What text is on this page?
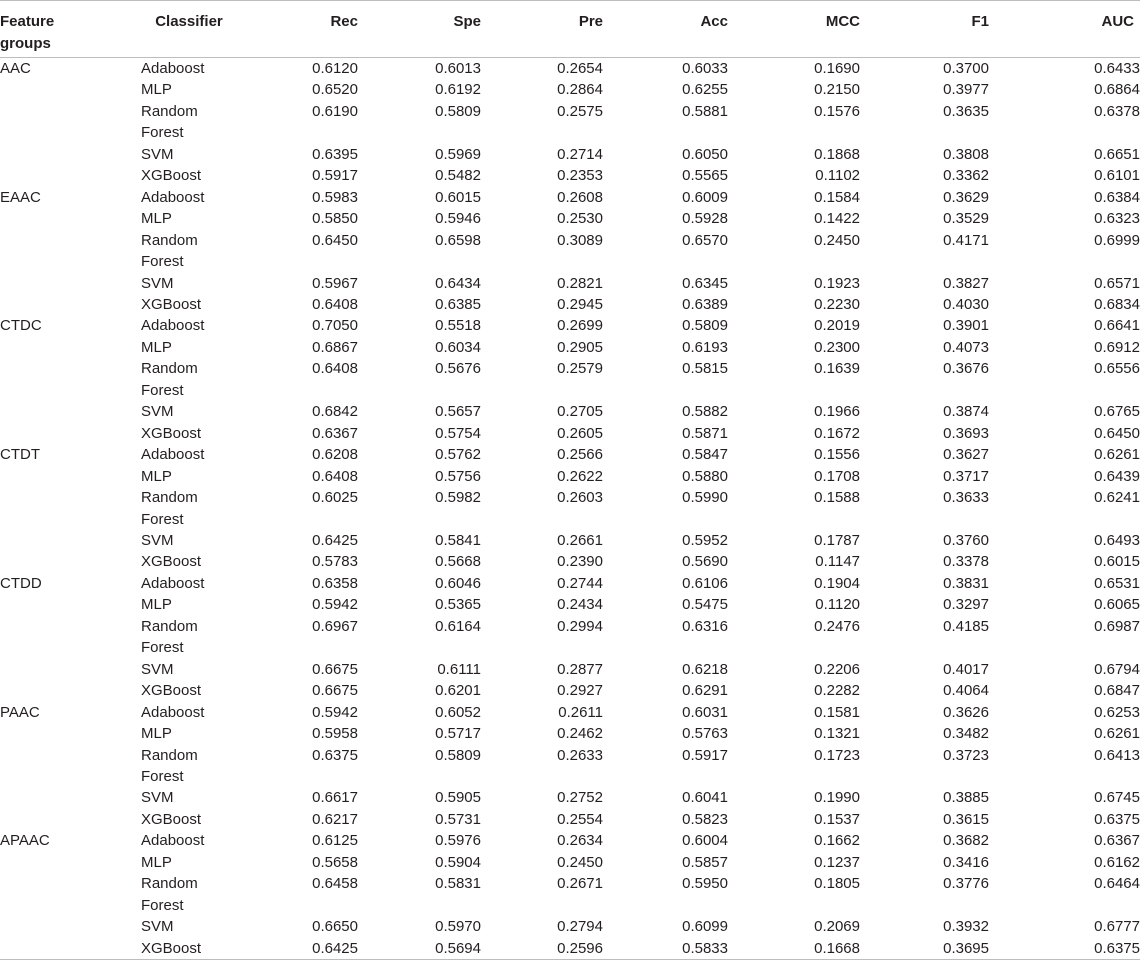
Feature groups	Classifier	Rec	Spe	Pre	Acc	MCC	F1	AUC

AAC	Adaboost	0.6120	0.6013	0.2654	0.6033	0.1690	0.3700	0.6433
	MLP	0.6520	0.6192	0.2864	0.6255	0.2150	0.3977	0.6864
	Random Forest	0.6190	0.5809	0.2575	0.5881	0.1576	0.3635	0.6378
	SVM	0.6395	0.5969	0.2714	0.6050	0.1868	0.3808	0.6651
	XGBoost	0.5917	0.5482	0.2353	0.5565	0.1102	0.3362	0.6101
EAAC	Adaboost	0.5983	0.6015	0.2608	0.6009	0.1584	0.3629	0.6384
	MLP	0.5850	0.5946	0.2530	0.5928	0.1422	0.3529	0.6323
	Random Forest	0.6450	0.6598	0.3089	0.6570	0.2450	0.4171	0.6999
	SVM	0.5967	0.6434	0.2821	0.6345	0.1923	0.3827	0.6571
	XGBoost	0.6408	0.6385	0.2945	0.6389	0.2230	0.4030	0.6834
CTDC	Adaboost	0.7050	0.5518	0.2699	0.5809	0.2019	0.3901	0.6641
	MLP	0.6867	0.6034	0.2905	0.6193	0.2300	0.4073	0.6912
	Random Forest	0.6408	0.5676	0.2579	0.5815	0.1639	0.3676	0.6556
	SVM	0.6842	0.5657	0.2705	0.5882	0.1966	0.3874	0.6765
	XGBoost	0.6367	0.5754	0.2605	0.5871	0.1672	0.3693	0.6450
CTDT	Adaboost	0.6208	0.5762	0.2566	0.5847	0.1556	0.3627	0.6261
	MLP	0.6408	0.5756	0.2622	0.5880	0.1708	0.3717	0.6439
	Random Forest	0.6025	0.5982	0.2603	0.5990	0.1588	0.3633	0.6241
	SVM	0.6425	0.5841	0.2661	0.5952	0.1787	0.3760	0.6493
	XGBoost	0.5783	0.5668	0.2390	0.5690	0.1147	0.3378	0.6015
CTDD	Adaboost	0.6358	0.6046	0.2744	0.6106	0.1904	0.3831	0.6531
	MLP	0.5942	0.5365	0.2434	0.5475	0.1120	0.3297	0.6065
	Random Forest	0.6967	0.6164	0.2994	0.6316	0.2476	0.4185	0.6987
	SVM	0.6675	0.6111	0.2877	0.6218	0.2206	0.4017	0.6794
	XGBoost	0.6675	0.6201	0.2927	0.6291	0.2282	0.4064	0.6847
PAAC	Adaboost	0.5942	0.6052	0.2611	0.6031	0.1581	0.3626	0.6253
	MLP	0.5958	0.5717	0.2462	0.5763	0.1321	0.3482	0.6261
	Random Forest	0.6375	0.5809	0.2633	0.5917	0.1723	0.3723	0.6413
	SVM	0.6617	0.5905	0.2752	0.6041	0.1990	0.3885	0.6745
	XGBoost	0.6217	0.5731	0.2554	0.5823	0.1537	0.3615	0.6375
APAAC	Adaboost	0.6125	0.5976	0.2634	0.6004	0.1662	0.3682	0.6367
	MLP	0.5658	0.5904	0.2450	0.5857	0.1237	0.3416	0.6162
	Random Forest	0.6458	0.5831	0.2671	0.5950	0.1805	0.3776	0.6464
	SVM	0.6650	0.5970	0.2794	0.6099	0.2069	0.3932	0.6777
	XGBoost	0.6425	0.5694	0.2596	0.5833	0.1668	0.3695	0.6375
